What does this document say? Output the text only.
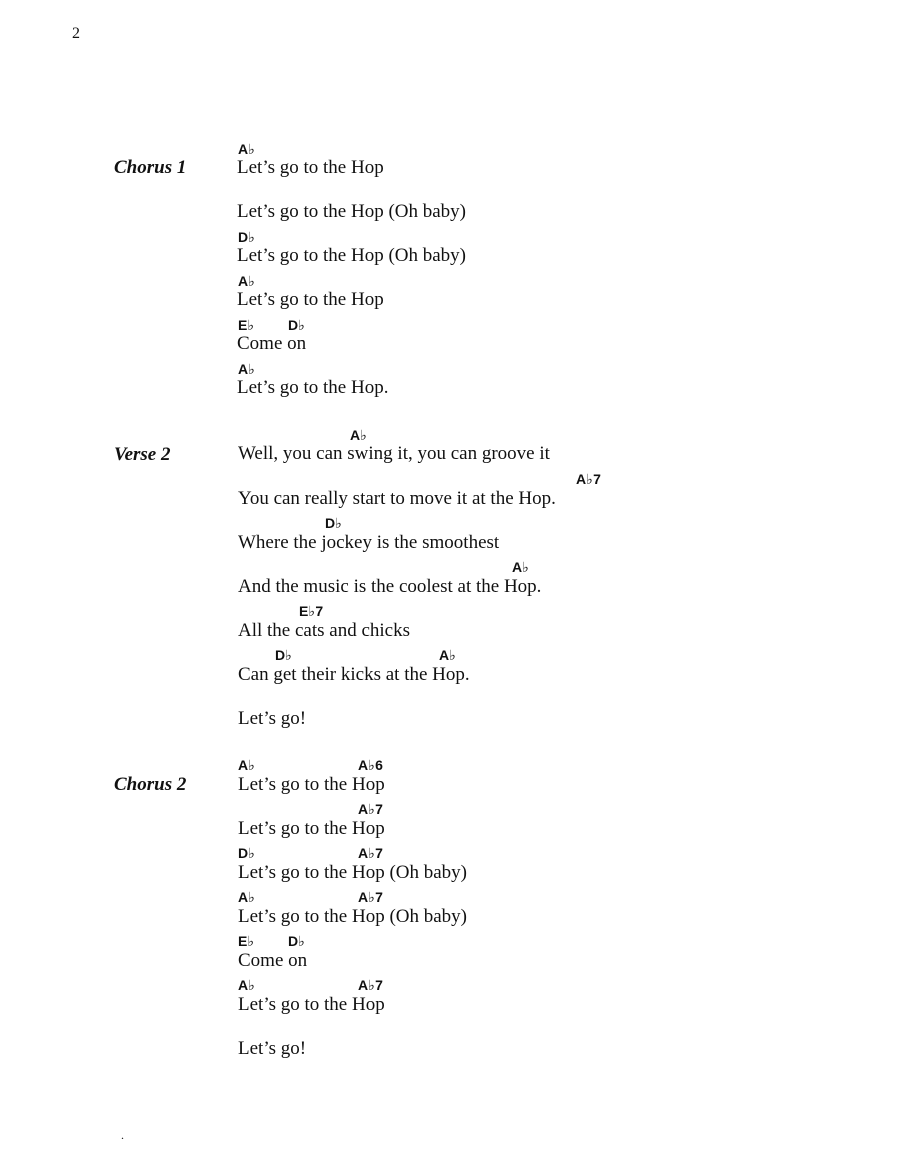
2
Chorus 1
A♭
Let’s go to the Hop
Let’s go to the Hop (Oh baby)
D♭
Let’s go to the Hop (Oh baby)
A♭
Let’s go to the Hop
E♭ D♭
Come on
A♭
Let’s go to the Hop.
Verse 2
A♭
Well, you can swing it, you can groove it
A♭7
You can really start to move it at the Hop.
D♭
Where the jockey is the smoothest
A♭
And the music is the coolest at the Hop.
E♭7
All the cats and chicks
D♭	A♭
Can get their kicks at the Hop.
Let’s go!
Chorus 2
A♭	A♭6
Let’s go to the Hop
A♭7
Let’s go to the Hop
D♭	A♭7
Let’s go to the Hop (Oh baby)
A♭	A♭7
Let’s go to the Hop (Oh baby)
E♭ D♭
Come on
A♭	A♭7
Let’s go to the Hop
Let’s go!
.
